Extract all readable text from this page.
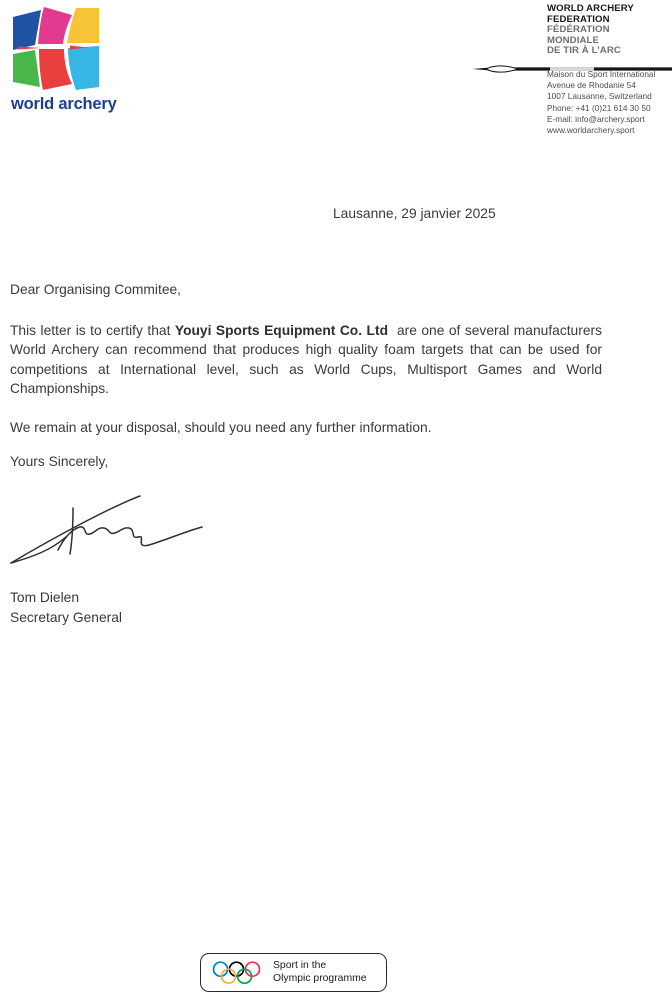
world archery
WORLD ARCHERY
FEDERATION
FÉDÉRATION
MONDIALE
DE TIR À L’ARC
Maison du Sport International
Avenue de Rhodanie 54
1007 Lausanne, Switzerland
Phone: +41 (0)21 614 30 50
E-mail: info@archery.sport
www.worldarchery.sport
Lausanne, 29 janvier 2025
Dear Organising Commitee,

This letter is to certify that Youyi Sports Equipment Co. Ltd  are one of several manufacturers World Archery can recommend that produces high quality foam targets that can be used for competitions at International level, such as World Cups, Multisport Games and World Championships.

We remain at your disposal, should you need any further information.
Yours Sincerely,
Tom Dielen
Secretary General
Sport in the
Olympic programme
